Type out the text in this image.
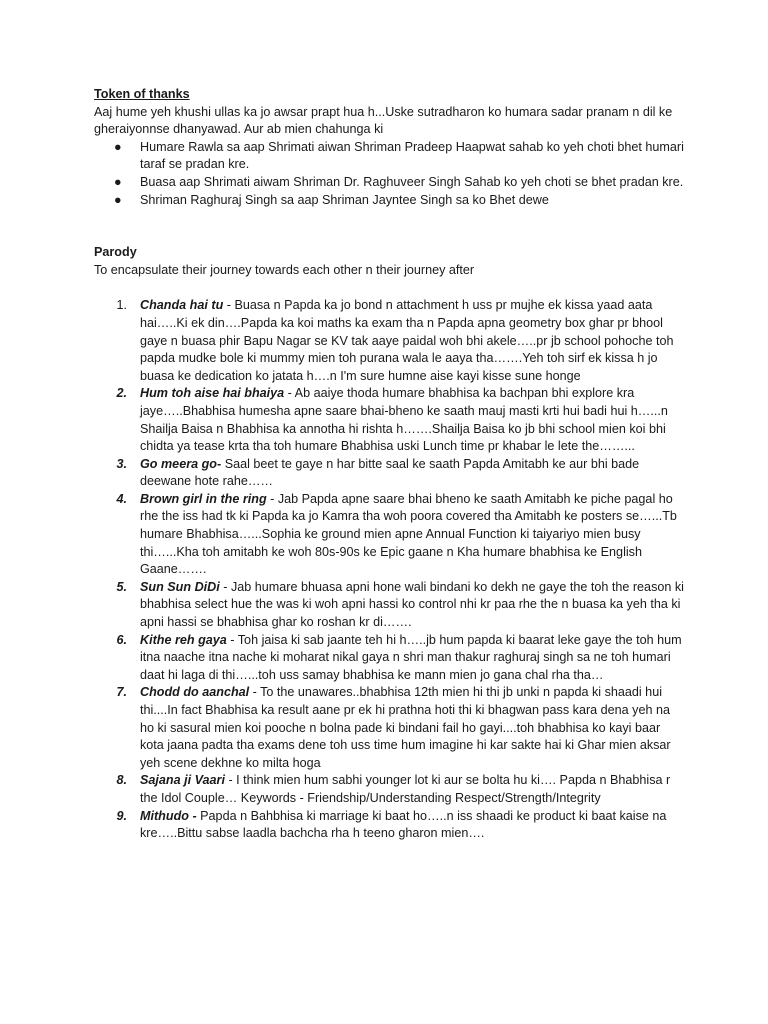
Token of thanks

Aaj hume yeh khushi ullas ka jo awsar prapt hua h...Uske sutradharon ko humara sadar pranam n dil ke gheraiyonnse dhanyawad. Aur ab mien chahunga ki

● Humare Rawla sa aap Shrimati aiwan Shriman Pradeep Haapwat sahab ko yeh choti bhet humari taraf se pradan kre.
● Buasa aap Shrimati aiwam Shriman Dr. Raghuveer Singh Sahab ko yeh choti se bhet pradan kre.
● Shriman Raghuraj Singh sa aap Shriman Jayntee Singh sa ko Bhet dewe

Parody

To encapsulate their journey towards each other n their journey after

1. Chanda hai tu - Buasa n Papda ka jo bond n attachment h uss pr mujhe ek kissa yaad aata hai…..Ki ek din….Papda ka koi maths ka exam tha n Papda apna geometry box ghar pr bhool gaye n buasa phir Bapu Nagar se KV tak aaye paidal woh bhi akele…..pr jb school pohoche toh papda mudke bole ki mummy mien toh purana wala le aaya tha…….Yeh toh sirf ek kissa h jo buasa ke dedication ko jatata h….n I'm sure humne aise kayi kisse sune honge
2. Hum toh aise hai bhaiya - Ab aaiye thoda humare bhabhisa ka bachpan bhi explore kra jaye…..Bhabhisa humesha apne saare bhai-bheno ke saath mauj masti krti hui badi hui h…...n Shailja Baisa n Bhabhisa ka annotha hi rishta h…….Shailja Baisa ko jb bhi school mien koi bhi chidta ya tease krta tha toh humare Bhabhisa uski Lunch time pr khabar le lete the……...
3. Go meera go- Saal beet te gaye n har bitte saal ke saath Papda Amitabh ke aur bhi bade deewane hote rahe……
4. Brown girl in the ring - Jab Papda apne saare bhai bheno ke saath Amitabh ke piche pagal ho rhe the iss had tk ki Papda ka jo Kamra tha woh poora covered tha Amitabh ke posters se…...Tb humare Bhabhisa…...Sophia ke ground mien apne Annual Function ki taiyariyo mien busy thi…...Kha toh amitabh ke woh 80s-90s ke Epic gaane n Kha humare bhabhisa ke English Gaane…….
5. Sun Sun DiDi - Jab humare bhuasa apni hone wali bindani ko dekh ne gaye the toh the reason ki bhabhisa select hue the was ki woh apni hassi ko control nhi kr paa rhe the n buasa ka yeh tha ki apni hassi se bhabhisa ghar ko roshan kr di…….
6. Kithe reh gaya - Toh jaisa ki sab jaante teh hi h…..jb hum papda ki baarat leke gaye the toh hum itna naache itna nache ki moharat nikal gaya n shri man thakur raghuraj singh sa ne toh humari daat hi laga di thi…...toh uss samay bhabhisa ke mann mien jo gana chal rha tha…
7. Chodd do aanchal - To the unawares..bhabhisa 12th mien hi thi jb unki n papda ki shaadi hui thi....In fact Bhabhisa ka result aane pr ek hi prathna hoti thi ki bhagwan pass kara dena yeh na ho ki sasural mien koi pooche n bolna pade ki bindani fail ho gayi....toh bhabhisa ko kayi baar kota jaana padta tha exams dene toh uss time hum imagine hi kar sakte hai ki Ghar mien aksar yeh scene dekhne ko milta hoga
8. Sajana ji Vaari - I think mien hum sabhi younger lot ki aur se bolta hu ki…. Papda n Bhabhisa r the Idol Couple… Keywords - Friendship/Understanding Respect/Strength/Integrity
9. Mithudo - Papda n Bahbhisa ki marriage ki baat ho…..n iss shaadi ke product ki baat kaise na kre…..Bittu sabse laadla bachcha rha h teeno gharon mien….
